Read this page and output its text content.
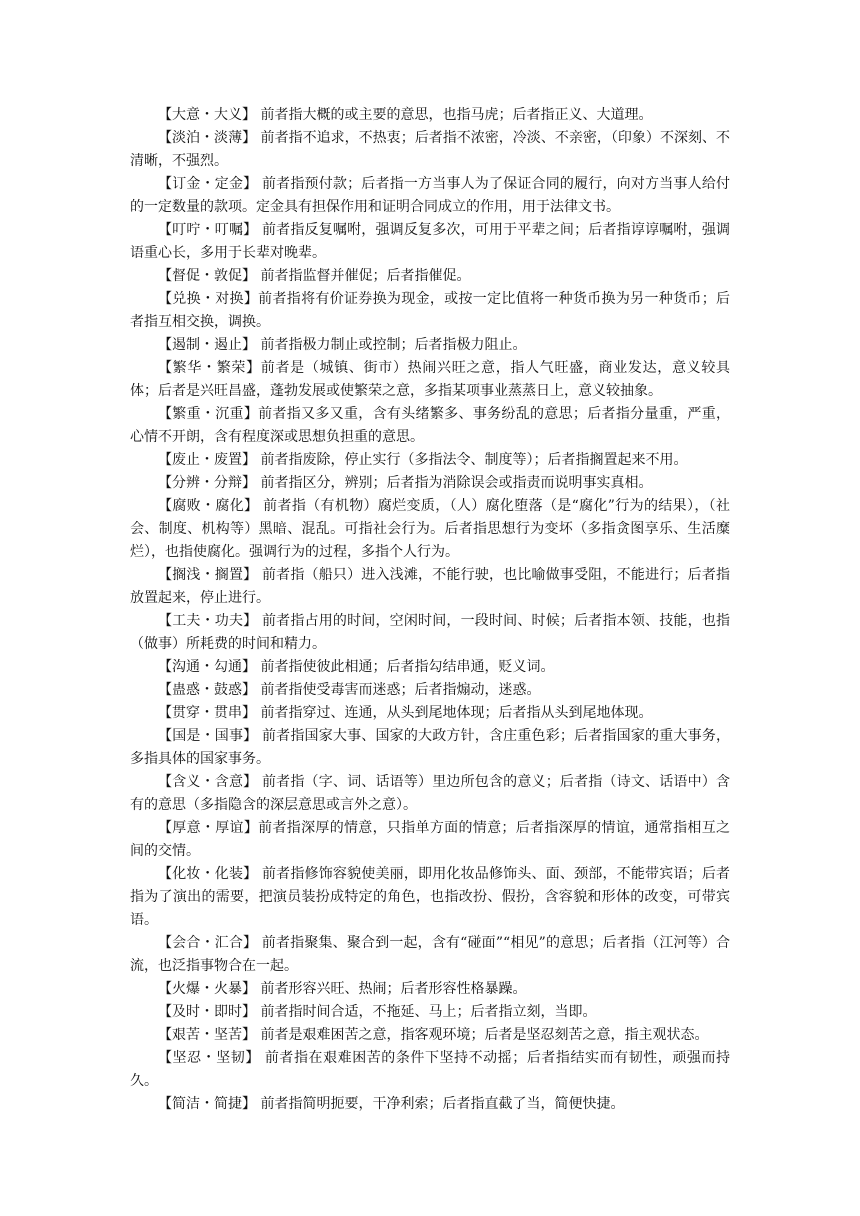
【大意・大义】 前者指大概的或主要的意思，也指马虎；后者指正义、大道理。

【淡泊・淡薄】 前者指不追求，不热衷；后者指不浓密，冷淡、不亲密，（印象）不深刻、不清晰，不强烈。

【订金・定金】 前者指预付款；后者指一方当事人为了保证合同的履行，向对方当事人给付的一定数量的款项。定金具有担保作用和证明合同成立的作用，用于法律文书。

【叮咛・叮嘱】 前者指反复嘱咐，强调反复多次，可用于平辈之间；后者指谆谆嘱咐，强调语重心长，多用于长辈对晚辈。

【督促・敦促】 前者指监督并催促；后者指催促。

【兑换・对换】前者指将有价证券换为现金，或按一定比值将一种货币换为另一种货币；后者指互相交换，调换。

【遏制・遏止】 前者指极力制止或控制；后者指极力阻止。

【繁华・繁荣】前者是（城镇、街市）热闹兴旺之意，指人气旺盛，商业发达，意义较具体；后者是兴旺昌盛，蓬勃发展或使繁荣之意，多指某项事业蒸蒸日上，意义较抽象。

【繁重・沉重】前者指又多又重，含有头绪繁多、事务纷乱的意思；后者指分量重，严重，心情不开朗，含有程度深或思想负担重的意思。

【废止・废置】 前者指废除，停止实行（多指法令、制度等）；后者指搁置起来不用。

【分辨・分辩】 前者指区分，辨别；后者指为消除误会或指责而说明事实真相。

【腐败・腐化】 前者指（有机物）腐烂变质，（人）腐化堕落（是“腐化”行为的结果），（社会、制度、机构等）黑暗、混乱。可指社会行为。后者指思想行为变坏（多指贪图享乐、生活糜烂），也指使腐化。强调行为的过程，多指个人行为。

【搁浅・搁置】 前者指（船只）进入浅滩，不能行驶，也比喻做事受阻，不能进行；后者指放置起来，停止进行。

【工夫・功夫】 前者指占用的时间，空闲时间，一段时间、时候；后者指本领、技能，也指（做事）所耗费的时间和精力。

【沟通・勾通】 前者指使彼此相通；后者指勾结串通，贬义词。

【蛊惑・鼓惑】 前者指使受毒害而迷惑；后者指煽动，迷惑。

【贯穿・贯串】 前者指穿过、连通，从头到尾地体现；后者指从头到尾地体现。

【国是・国事】 前者指国家大事、国家的大政方针，含庄重色彩；后者指国家的重大事务，多指具体的国家事务。

【含义・含意】 前者指（字、词、话语等）里边所包含的意义；后者指（诗文、话语中）含有的意思（多指隐含的深层意思或言外之意）。

【厚意・厚谊】前者指深厚的情意，只指单方面的情意；后者指深厚的情谊，通常指相互之间的交情。

【化妆・化装】 前者指修饰容貌使美丽，即用化妆品修饰头、面、颈部，不能带宾语；后者指为了演出的需要，把演员装扮成特定的角色，也指改扮、假扮，含容貌和形体的改变，可带宾语。

【会合・汇合】 前者指聚集、聚合到一起，含有“碰面”“相见”的意思；后者指（江河等）合流，也泛指事物合在一起。

【火爆・火暴】 前者形容兴旺、热闹；后者形容性格暴躁。

【及时・即时】 前者指时间合适，不拖延、马上；后者指立刻，当即。

【艰苦・坚苦】 前者是艰难困苦之意，指客观环境；后者是坚忍刻苦之意，指主观状态。

【坚忍・坚韧】 前者指在艰难困苦的条件下坚持不动摇；后者指结实而有韧性，顽强而持久。

【简洁・简捷】 前者指简明扼要，干净利索；后者指直截了当，简便快捷。
